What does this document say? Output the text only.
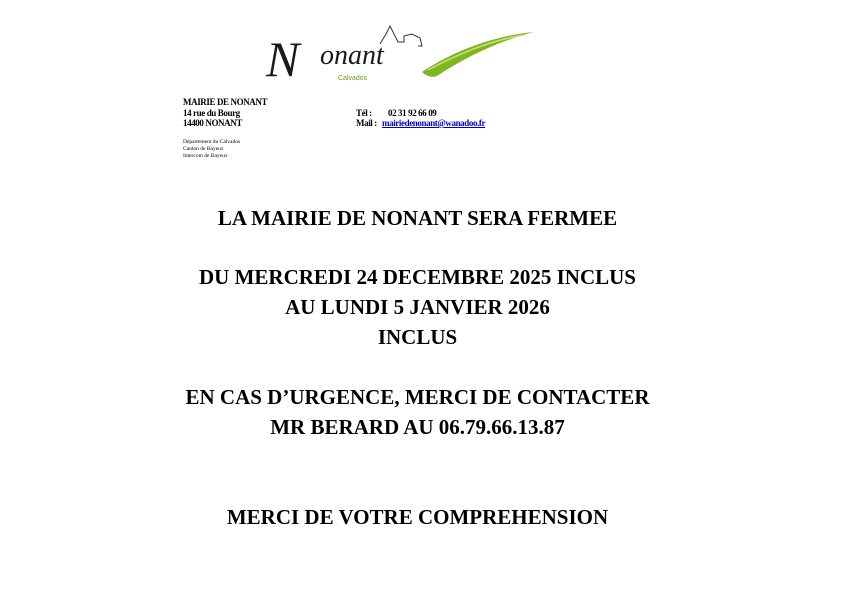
N onant
Calvados
MAIRIE DE NONANT
14 rue du Bourg
14400 NONANT
Tél : 02 31 92 66 09
Mail : mairiedenonant@wanadoo.fr
Département du Calvados
Canton de Bayeux
Intercom de Bayeux
LA MAIRIE DE NONANT SERA FERMEE
DU MERCREDI 24 DECEMBRE 2025 INCLUS
AU LUNDI 5 JANVIER 2026
INCLUS
EN CAS D’URGENCE, MERCI DE CONTACTER
MR BERARD AU 06.79.66.13.87
MERCI DE VOTRE COMPREHENSION
